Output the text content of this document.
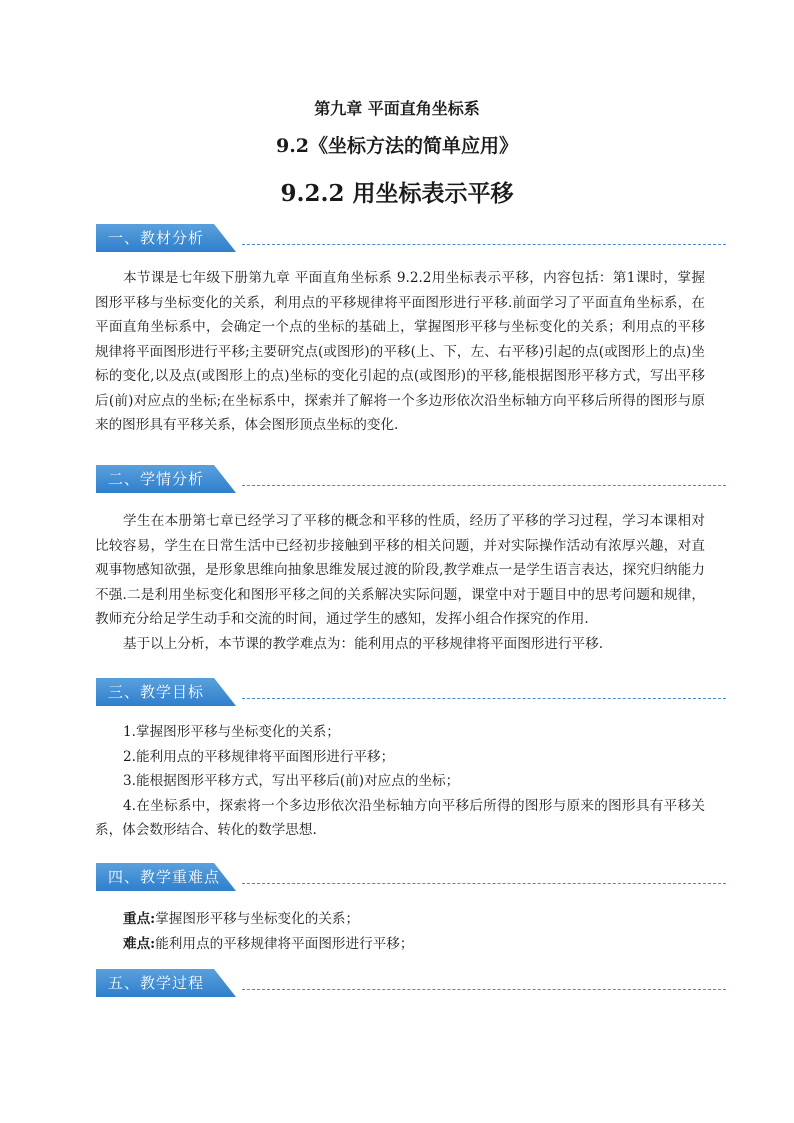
第九章 平面直角坐标系
9.2《坐标方法的简单应用》
9.2.2 用坐标表示平移
一、教材分析

本节课是七年级下册第九章 平面直角坐标系 9.2.2用坐标表示平移，内容包括：第1课时，掌握图形平移与坐标变化的关系，利用点的平移规律将平面图形进行平移.前面学习了平面直角坐标系，在平面直角坐标系中，会确定一个点的坐标的基础上，掌握图形平移与坐标变化的关系；利用点的平移规律将平面图形进行平移;主要研究点(或图形)的平移(上、下，左、右平移)引起的点(或图形上的点)坐标的变化,以及点(或图形上的点)坐标的变化引起的点(或图形)的平移,能根据图形平移方式，写出平移后(前)对应点的坐标;在坐标系中，探索并了解将一个多边形依次沿坐标轴方向平移后所得的图形与原来的图形具有平移关系，体会图形顶点坐标的变化.

二、学情分析

学生在本册第七章已经学习了平移的概念和平移的性质，经历了平移的学习过程，学习本课相对比较容易，学生在日常生活中已经初步接触到平移的相关问题，并对实际操作活动有浓厚兴趣，对直观事物感知欲强，是形象思维向抽象思维发展过渡的阶段,教学难点一是学生语言表达，探究归纳能力不强.二是利用坐标变化和图形平移之间的关系解决实际问题，课堂中对于题目中的思考问题和规律，教师充分给足学生动手和交流的时间，通过学生的感知，发挥小组合作探究的作用.

基于以上分析，本节课的教学难点为：能利用点的平移规律将平面图形进行平移.

三、教学目标

1.掌握图形平移与坐标变化的关系；

2.能利用点的平移规律将平面图形进行平移；

3.能根据图形平移方式，写出平移后(前)对应点的坐标；

4.在坐标系中，探索将一个多边形依次沿坐标轴方向平移后所得的图形与原来的图形具有平移关系，体会数形结合、转化的数学思想.

四、教学重难点

重点:掌握图形平移与坐标变化的关系；

难点:能利用点的平移规律将平面图形进行平移；

五、教学过程
